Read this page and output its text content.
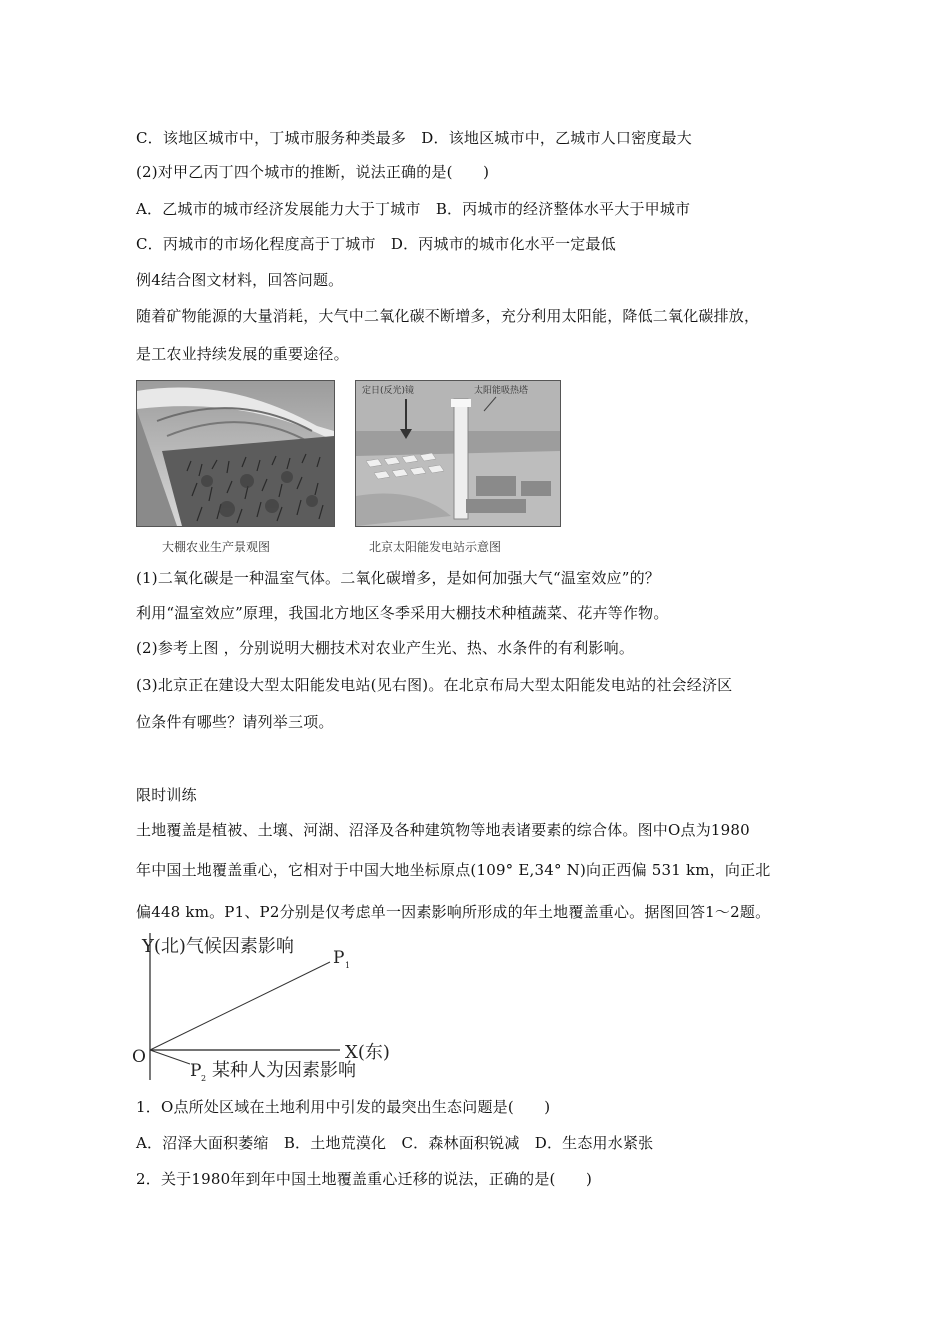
C．该地区城市中，丁城市服务种类最多　D．该地区城市中，乙城市人口密度最大
(2)对甲乙丙丁四个城市的推断，说法正确的是(　　)
A．乙城市的城市经济发展能力大于丁城市　B．丙城市的经济整体水平大于甲城市
C．丙城市的市场化程度高于丁城市　D．丙城市的城市化水平一定最低
例4结合图文材料，回答问题。
随着矿物能源的大量消耗，大气中二氧化碳不断增多，充分利用太阳能，降低二氧化碳排放，
是工农业持续发展的重要途径。
定日(反光)镜	太阳能吸热塔
大棚农业生产景观图	北京太阳能发电站示意图
(1)二氧化碳是一种温室气体。二氧化碳增多，是如何加强大气“温室效应”的？
利用“温室效应”原理，我国北方地区冬季采用大棚技术种植蔬菜、花卉等作物。
(2)参考上图 ，分别说明大棚技术对农业产生光、热、水条件的有利影响。
(3)北京正在建设大型太阳能发电站(见右图)。在北京布局大型太阳能发电站的社会经济区
位条件有哪些？请列举三项。
限时训练
土地覆盖是植被、土壤、河湖、沼泽及各种建筑物等地表诸要素的综合体。图中O点为1980
年中国土地覆盖重心，它相对于中国大地坐标原点(109° E,34° N)向正西偏 531 km，向正北
偏448 km。P1、P2分别是仅考虑单一因素影响所形成的年土地覆盖重心。据图回答1～2题。
Y(北)气候因素影响
P 1
X(东)
O
P 2 某种人为因素影响
1．O点所处区域在土地利用中引发的最突出生态问题是(　　)
A．沼泽大面积萎缩　B．土地荒漠化　C．森林面积锐减　D．生态用水紧张
2．关于1980年到年中国土地覆盖重心迁移的说法，正确的是(　　)
